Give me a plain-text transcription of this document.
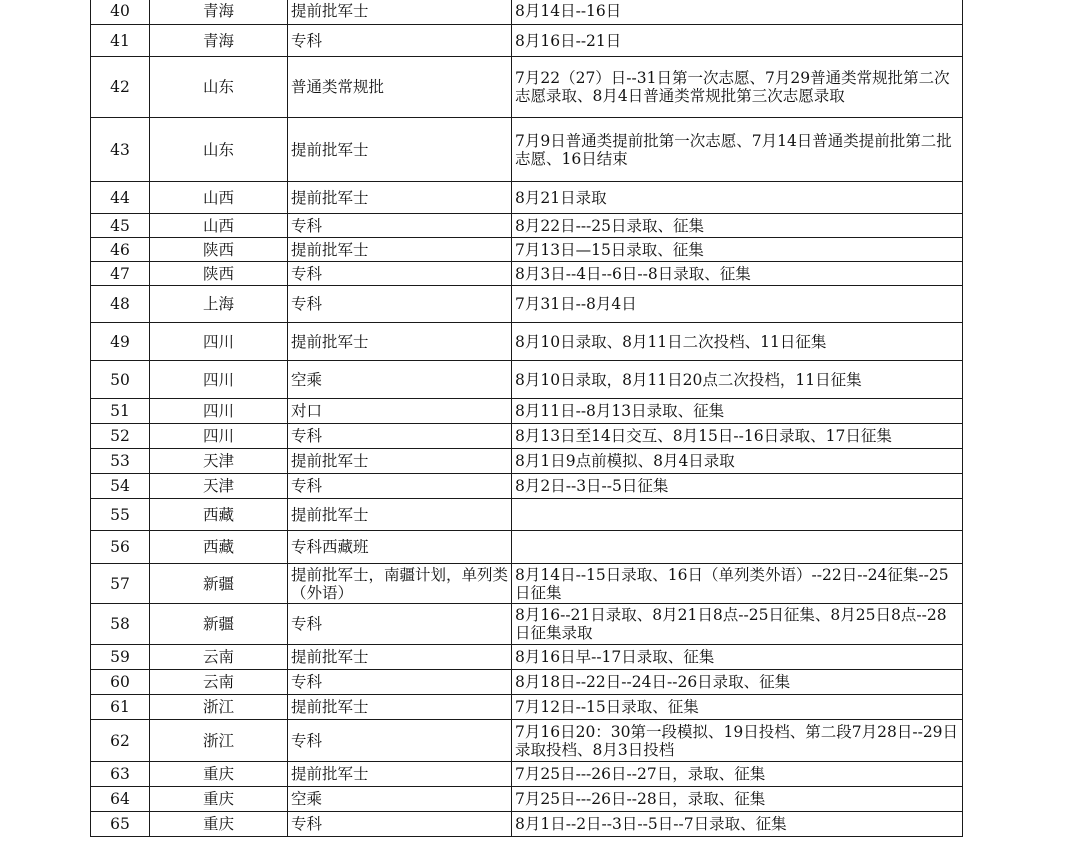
40	青海	提前批军士	8月14日--16日
41	青海	专科	8月16日--21日
42	山东	普通类常规批	7月22（27）日--31日第一次志愿、7月29普通类常规批第二次志愿录取、8月4日普通类常规批第三次志愿录取
43	山东	提前批军士	7月9日普通类提前批第一次志愿、7月14日普通类提前批第二批志愿、16日结束
44	山西	提前批军士	8月21日录取
45	山西	专科	8月22日---25日录取、征集
46	陕西	提前批军士	7月13日—15日录取、征集
47	陕西	专科	8月3日--4日--6日--8日录取、征集
48	上海	专科	7月31日--8月4日
49	四川	提前批军士	8月10日录取、8月11日二次投档、11日征集
50	四川	空乘	8月10日录取，8月11日20点二次投档，11日征集
51	四川	对口	8月11日--8月13日录取、征集
52	四川	专科	8月13日至14日交互、8月15日--16日录取、17日征集
53	天津	提前批军士	8月1日9点前模拟、8月4日录取
54	天津	专科	8月2日--3日--5日征集
55	西藏	提前批军士	
56	西藏	专科西藏班	
57	新疆	提前批军士，南疆计划，单列类（外语）	8月14日--15日录取、16日（单列类外语）--22日--24征集--25日征集
58	新疆	专科	8月16--21日录取、8月21日8点--25日征集、8月25日8点--28日征集录取
59	云南	提前批军士	8月16日早--17日录取、征集
60	云南	专科	8月18日--22日--24日--26日录取、征集
61	浙江	提前批军士	7月12日--15日录取、征集
62	浙江	专科	7月16日20：30第一段模拟、19日投档、第二段7月28日--29日录取投档、8月3日投档
63	重庆	提前批军士	7月25日---26日--27日，录取、征集
64	重庆	空乘	7月25日---26日--28日，录取、征集
65	重庆	专科	8月1日--2日--3日--5日--7日录取、征集
